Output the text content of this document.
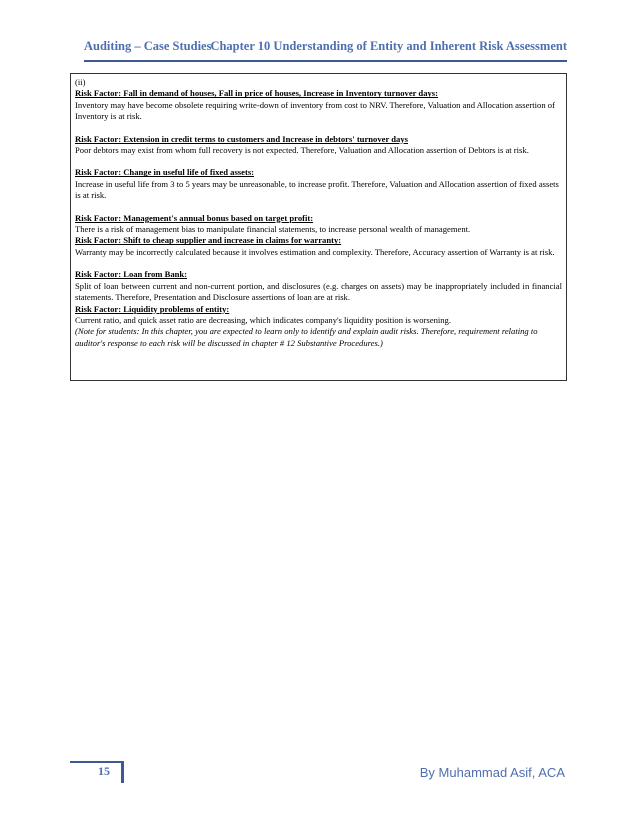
Auditing – Case Studies
Chapter 10 Understanding of Entity and Inherent Risk Assessment

(ii)

Risk Factor: Fall in demand of houses, Fall in price of houses, Increase in Inventory turnover days:

Inventory may have become obsolete requiring write-down of inventory from cost to NRV. Therefore, Valuation and Allocation assertion of Inventory is at risk.

Risk Factor: Extension in credit terms to customers and Increase in debtors' turnover days

Poor debtors may exist from whom full recovery is not expected. Therefore, Valuation and Allocation assertion of Debtors is at risk.

Risk Factor: Change in useful life of fixed assets:

Increase in useful life from 3 to 5 years may be unreasonable, to increase profit. Therefore, Valuation and Allocation assertion of fixed assets is at risk.

Risk Factor: Management's annual bonus based on target profit:

There is a risk of management bias to manipulate financial statements, to increase personal wealth of management.

Risk Factor: Shift to cheap supplier and increase in claims for warranty:

Warranty may be incorrectly calculated because it involves estimation and complexity. Therefore, Accuracy assertion of Warranty is at risk.

Risk Factor: Loan from Bank:

Split of loan between current and non-current portion, and disclosures (e.g. charges on assets) may be inappropriately included in financial statements. Therefore, Presentation and Disclosure assertions of loan are at risk.

Risk Factor: Liquidity problems of entity:

Current ratio, and quick asset ratio are decreasing, which indicates company's liquidity position is worsening.

(Note for students: In this chapter, you are expected to learn only to identify and explain audit risks. Therefore, requirement relating to auditor's response to each risk will be discussed in chapter # 12 Substantive Procedures.)

15	By Muhammad Asif, ACA
